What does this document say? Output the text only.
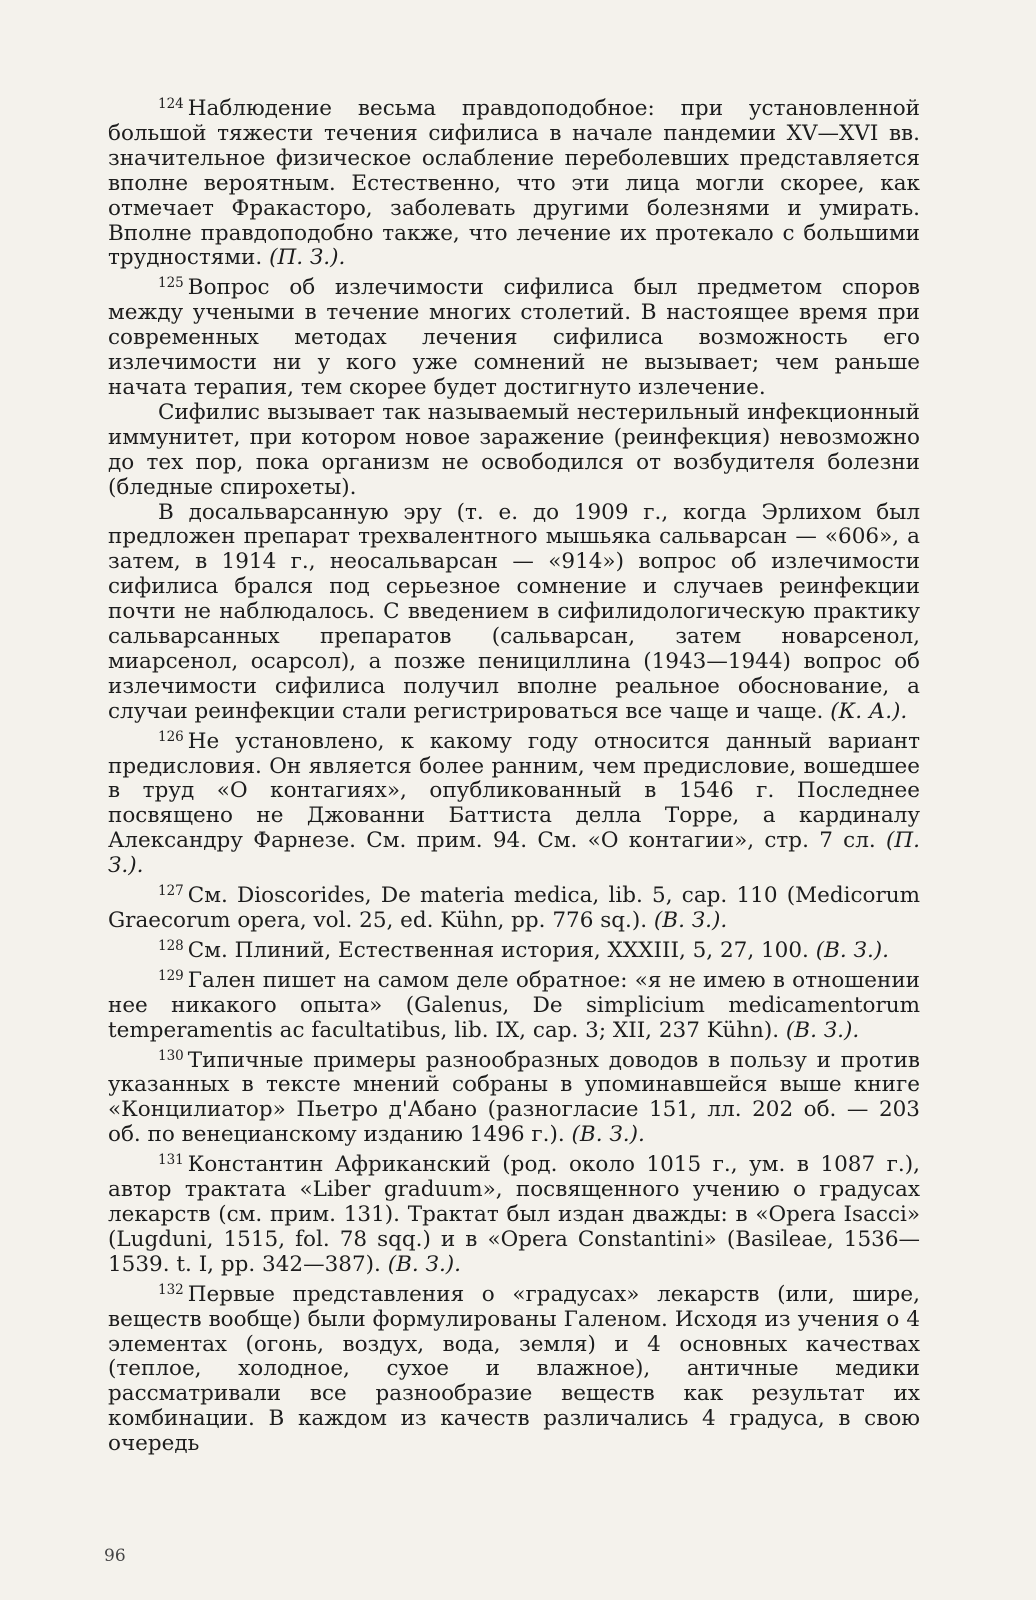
$^{124}$ Наблюдение весьма правдоподобное: при установленной большой тяжести течения сифилиса в начале пандемии XV—XVI вв. значительное физическое ослабление переболевших представляется вполне вероятным. Естественно, что эти лица могли скорее, как отмечает Фракасторо, заболевать другими болезнями и умирать. Вполне правдоподобно также, что лечение их протекало с большими трудностями. (П. З.).

$^{125}$ Вопрос об излечимости сифилиса был предметом споров между учеными в течение многих столетий. В настоящее время при современных методах лечения сифилиса возможность его излечимости ни у кого уже сомнений не вызывает; чем раньше начата терапия, тем скорее будет достигнуто излечение.

Сифилис вызывает так называемый нестерильный инфекционный иммунитет, при котором новое заражение (реинфекция) невозможно до тех пор, пока организм не освободился от возбудителя болезни (бледные спирохеты).

В досальварсанную эру (т. е. до 1909 г., когда Эрлихом был предложен препарат трехвалентного мышьяка сальварсан — «606», а затем, в 1914 г., неосальварсан — «914») вопрос об излечимости сифилиса брался под серьезное сомнение и случаев реинфекции почти не наблюдалось. С введением в сифилидологическую практику сальварсанных препаратов (сальварсан, затем новарсенол, миарсенол, осарсол), а позже пенициллина (1943—1944) вопрос об излечимости сифилиса получил вполне реальное обоснование, а случаи реинфекции стали регистрироваться все чаще и чаще. (К. А.).

$^{126}$ Не установлено, к какому году относится данный вариант предисловия. Он является более ранним, чем предисловие, вошедшее в труд «О контагиях», опубликованный в 1546 г. Последнее посвящено не Джованни Баттиста делла Торре, а кардиналу Александру Фарнезе. См. прим. 94. См. «О контагии», стр. 7 сл. (П. З.).

$^{127}$ См. Dioscorides, De materia medica, lib. 5, cap. 110 (Medicorum Graecorum opera, vol. 25, ed. Kühn, pp. 776 sq.). (В. З.).

$^{128}$ См. Плиний, Естественная история, XXXIII, 5, 27, 100. (В. З.).

$^{129}$ Гален пишет на самом деле обратное: «я не имею в отношении нее никакого опыта» (Galenus, De simplicium medicamentorum temperamentis ac facultatibus, lib. IX, cap. 3; XII, 237 Kühn). (В. З.).

$^{130}$ Типичные примеры разнообразных доводов в пользу и против указанных в тексте мнений собраны в упоминавшейся выше книге «Концилиатор» Пьетро д'Абано (разногласие 151, лл. 202 об. — 203 об. по венецианскому изданию 1496 г.). (В. З.).

$^{131}$ Константин Африканский (род. около 1015 г., ум. в 1087 г.), автор трактата «Liber graduum», посвященного учению о градусах лекарств (см. прим. 131). Трактат был издан дважды: в «Opera Isacci» (Lugduni, 1515, fol. 78 sqq.) и в «Opera Constantini» (Basileae, 1536—1539. t. I, pp. 342—387). (В. З.).

$^{132}$ Первые представления о «градусах» лекарств (или, шире, веществ вообще) были формулированы Галеном. Исходя из учения о 4 элементах (огонь, воздух, вода, земля) и 4 основных качествах (теплое, холодное, сухое и влажное), античные медики рассматривали все разнообразие веществ как результат их комбинации. В каждом из качеств различались 4 градуса, в свою очередь

96
